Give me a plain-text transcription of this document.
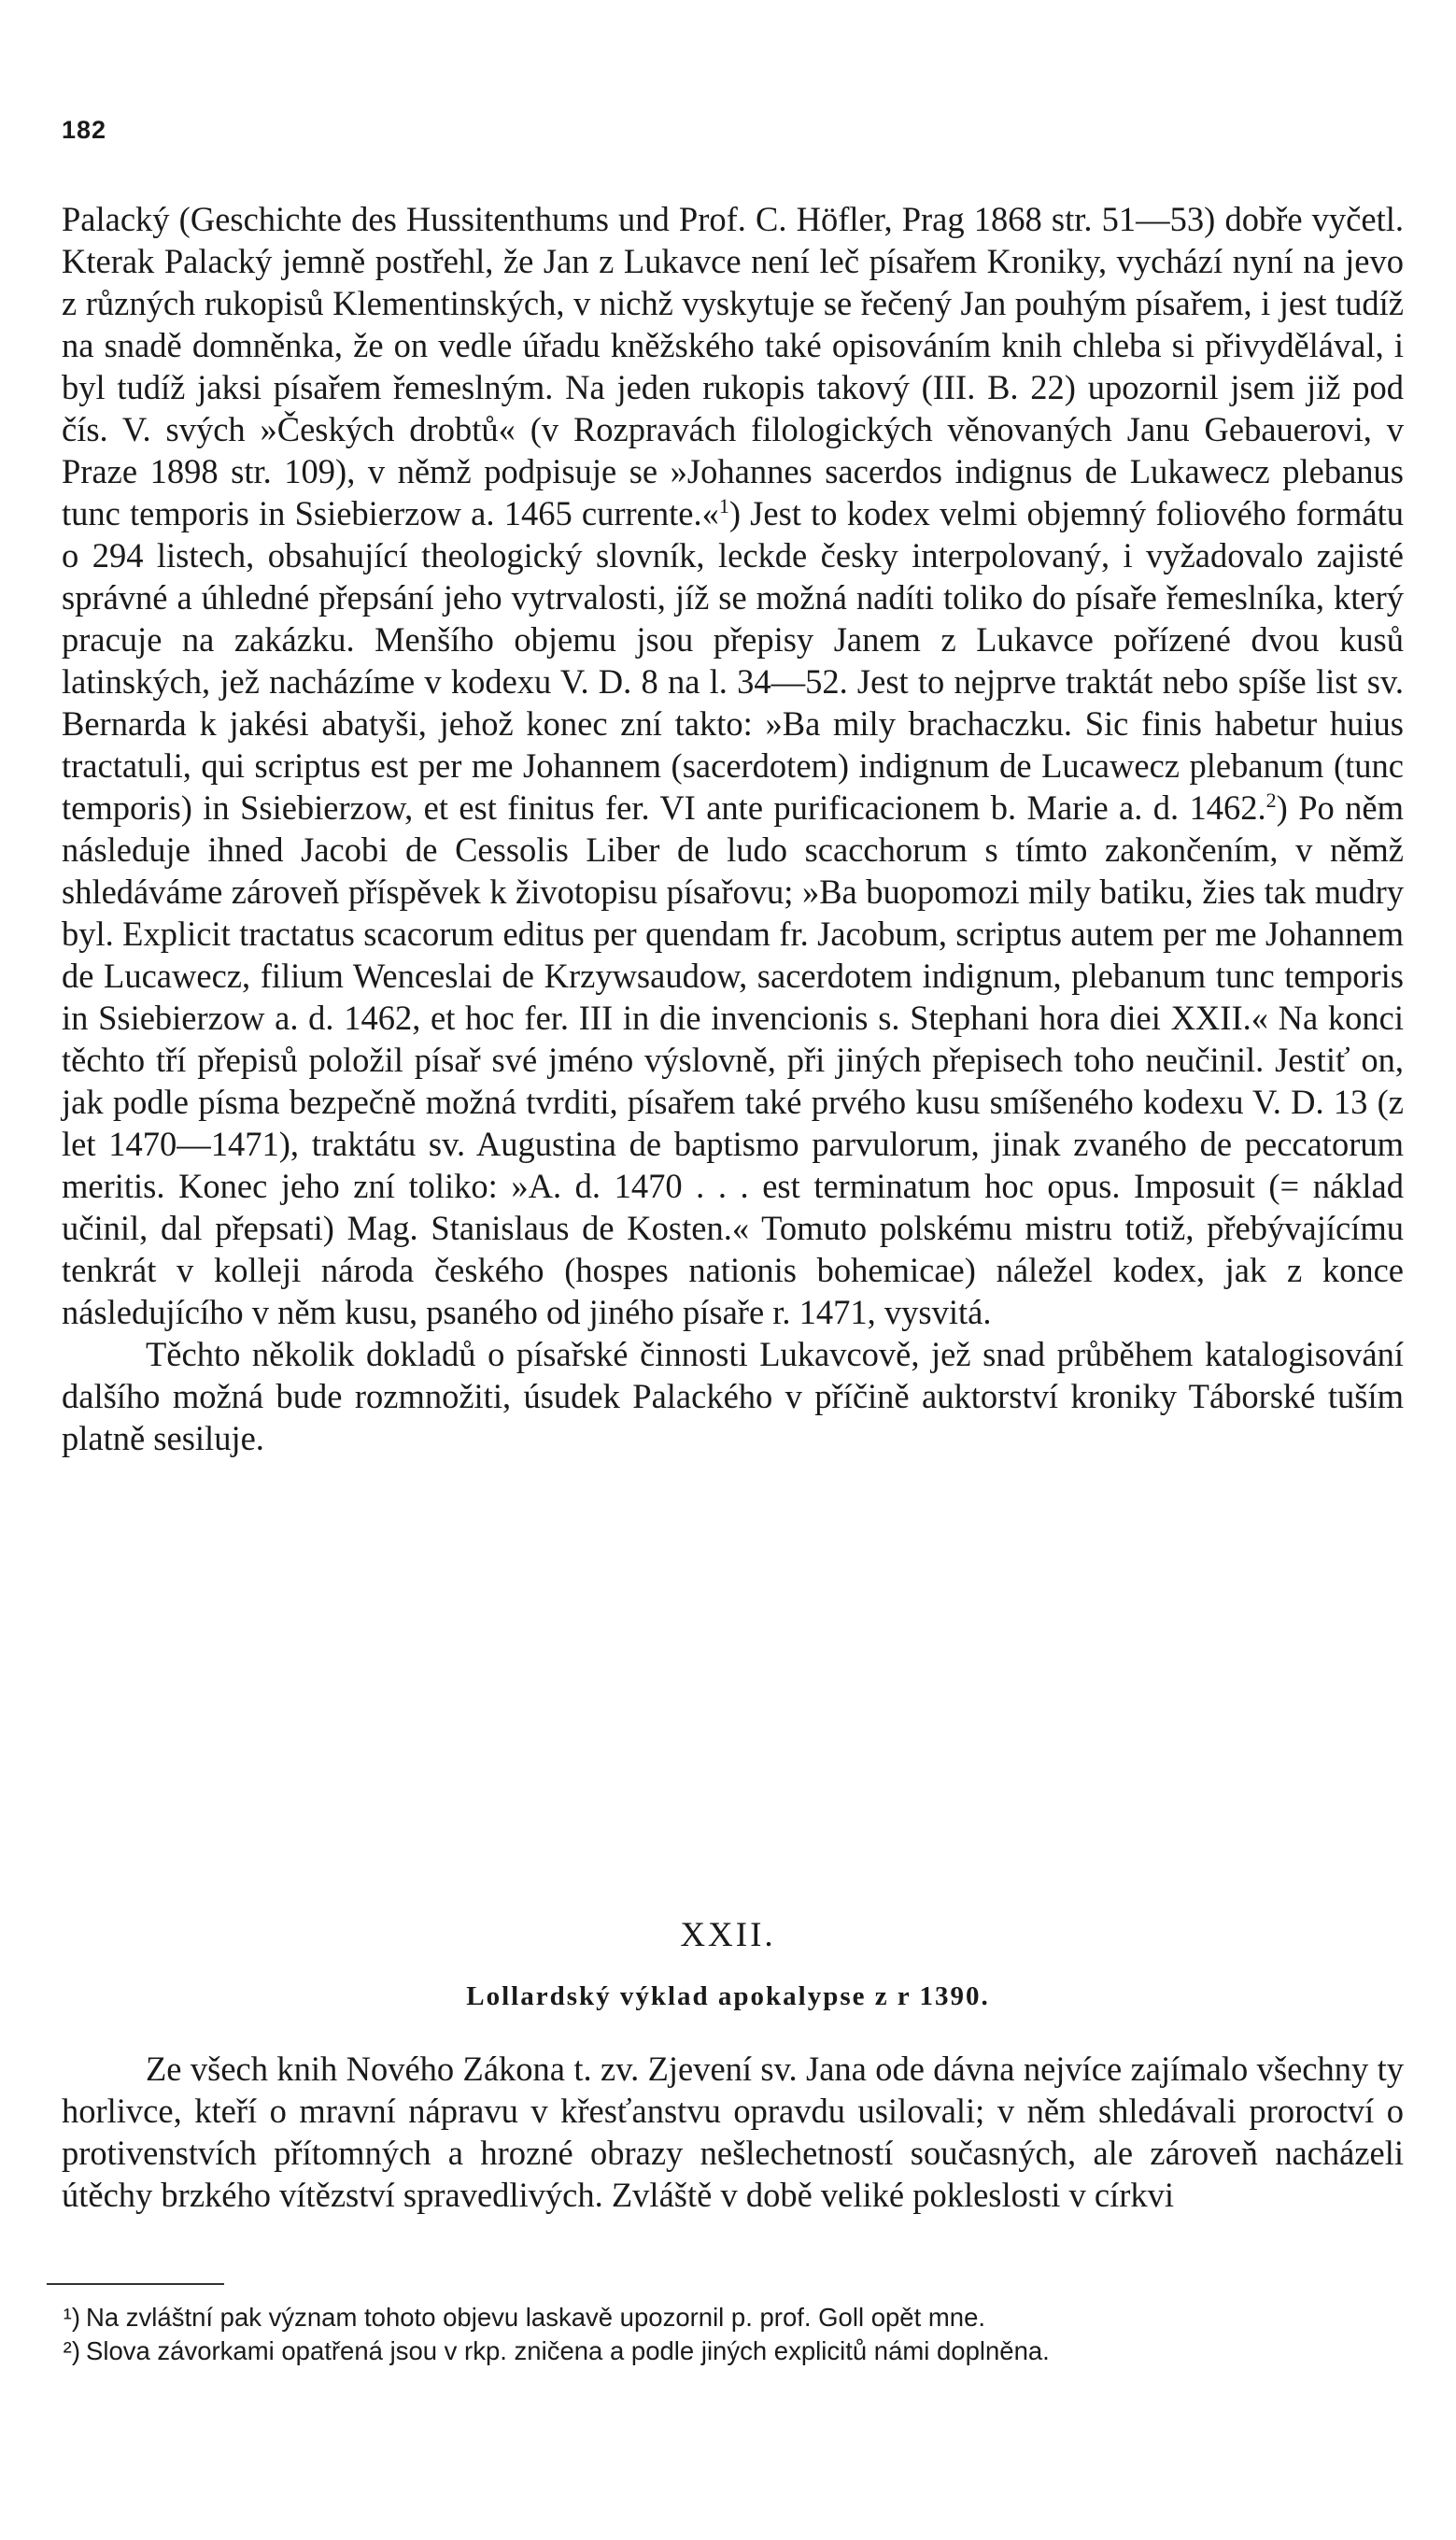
182

Palacký (Geschichte des Hussitenthums und Prof. C. Höfler, Prag 1868 str. 51—53) dobře vyčetl. Kterak Palacký jemně postřehl, že Jan z Lukavce není leč písařem Kroniky, vychází nyní na jevo z různých rukopisů Klementinských, v nichž vyskytuje se řečený Jan pouhým písařem, i jest tudíž na snadě domněnka, že on vedle úřadu kněžského také opisováním knih chleba si přivydělával, i byl tudíž jaksi písařem řemeslným. Na jeden rukopis takový (III. B. 22) upozornil jsem již pod čís. V. svých »Českých drobtů« (v Rozpravách filologických věnovaných Janu Gebauerovi, v Praze 1898 str. 109), v němž podpisuje se »Johannes sacerdos indignus de Lukawecz plebanus tunc temporis in Ssiebierzow a. 1465 currente.«$^1$) Jest to kodex velmi objemný foliového formátu o 294 listech, obsahující theologický slovník, leckde česky interpolovaný, i vyžadovalo zajisté správné a úhledné přepsání jeho vytrvalosti, jíž se možná nadíti toliko do písaře řemeslníka, který pracuje na zakázku. Menšího objemu jsou přepisy Janem z Lukavce pořízené dvou kusů latinských, jež nacházíme v kodexu V. D. 8 na l. 34—52. Jest to nejprve traktát nebo spíše list sv. Bernarda k jakési abatyši, jehož konec zní takto: »Ba mily brachaczku. Sic finis habetur huius tractatuli, qui scriptus est per me Johannem (sacerdotem) indignum de Lucawecz plebanum (tunc temporis) in Ssiebierzow, et est finitus fer. VI ante purificacionem b. Marie a. d. 1462.$^2$) Po něm následuje ihned Jacobi de Cessolis Liber de ludo scacchorum s tímto zakončením, v němž shledáváme zároveň příspěvek k životopisu písařovu; »Ba buopomozi mily batiku, žies tak mudry byl. Explicit tractatus scacorum editus per quendam fr. Jacobum, scriptus autem per me Johannem de Lucawecz, filium Wenceslai de Krzywsaudow, sacerdotem indignum, plebanum tunc temporis in Ssiebierzow a. d. 1462, et hoc fer. III in die invencionis s. Stephani hora diei XXII.« Na konci těchto tří přepisů položil písař své jméno výslovně, při jiných přepisech toho neučinil. Jestiť on, jak podle písma bezpečně možná tvrditi, písařem také prvého kusu smíšeného kodexu V. D. 13 (z let 1470—1471), traktátu sv. Augustina de baptismo parvulorum, jinak zvaného de peccatorum meritis. Konec jeho zní toliko: »A. d. 1470 . . . est terminatum hoc opus. Imposuit (= náklad učinil, dal přepsati) Mag. Stanislaus de Kosten.« Tomuto polskému mistru totiž, přebývajícímu tenkrát v kolleji národa českého (hospes nationis bohemicae) náležel kodex, jak z konce následujícího v něm kusu, psaného od jiného písaře r. 1471, vysvitá.

Těchto několik dokladů o písařské činnosti Lukavcově, jež snad průběhem katalogisování dalšího možná bude rozmnožiti, úsudek Palackého v příčině auktorství kroniky Táborské tuším platně sesiluje.

XXII.
Lollardský výklad apokalypse z r 1390.

Ze všech knih Nového Zákona t. zv. Zjevení sv. Jana ode dávna nejvíce zajímalo všechny ty horlivce, kteří o mravní nápravu v křesťanstvu opravdu usilovali; v něm shledávali proroctví o protivenstvích přítomných a hrozné obrazy nešlechetností současných, ale zároveň nacházeli útěchy brzkého vítězství spravedlivých. Zvláště v době veliké pokleslosti v církvi

¹) Na zvláštní pak význam tohoto objevu laskavě upozornil p. prof. Goll opět mne.

²) Slova závorkami opatřená jsou v rkp. zničena a podle jiných explicitů námi doplněna.
